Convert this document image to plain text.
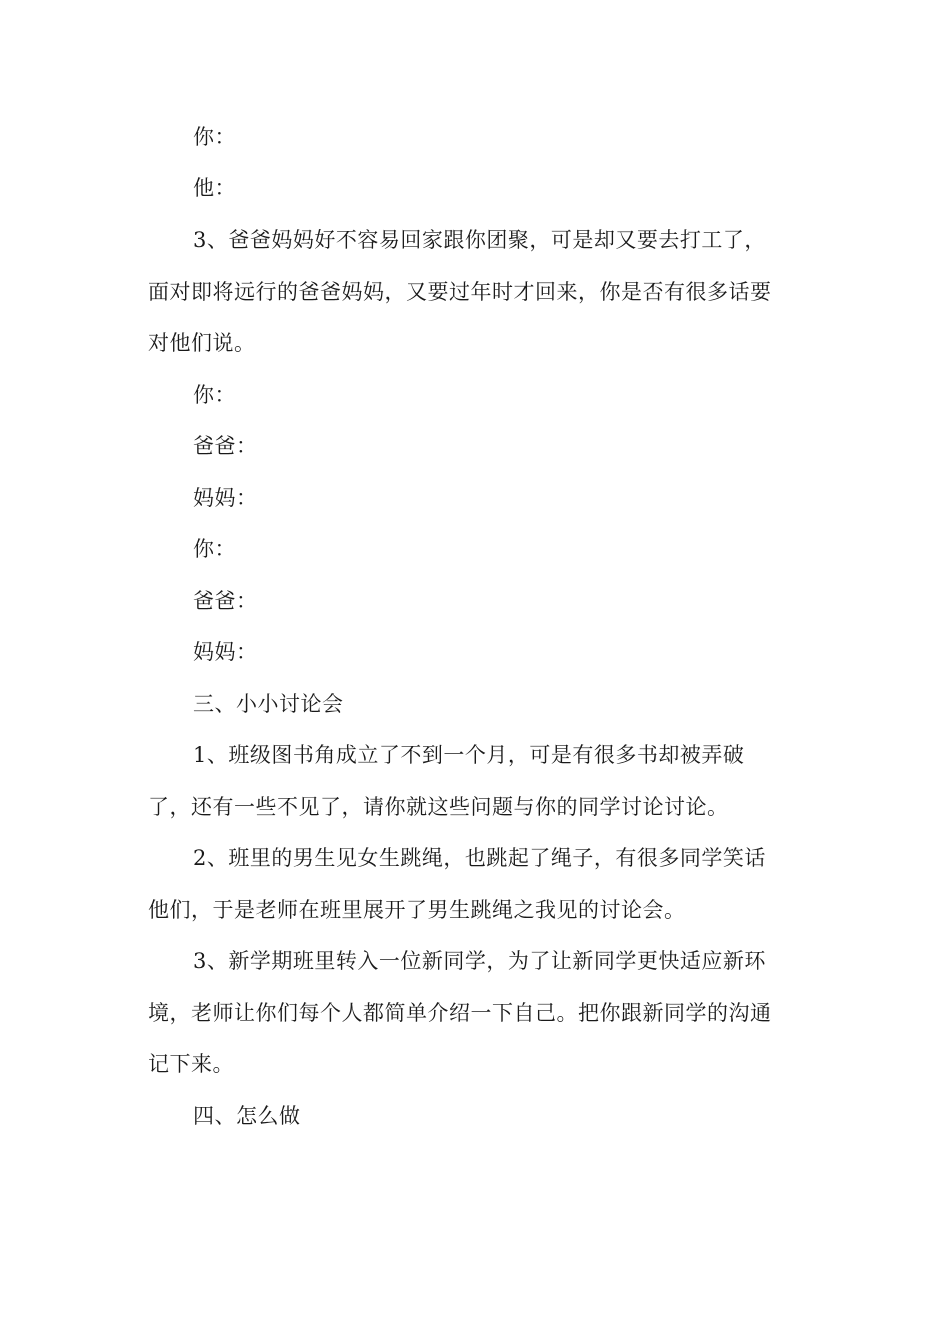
你：
他：
3、爸爸妈妈好不容易回家跟你团聚，可是却又要去打工了，
面对即将远行的爸爸妈妈，又要过年时才回来，你是否有很多话要
对他们说。
你：
爸爸：
妈妈：
你：
爸爸：
妈妈：
三、小小讨论会
1、班级图书角成立了不到一个月，可是有很多书却被弄破
了，还有一些不见了，请你就这些问题与你的同学讨论讨论。
2、班里的男生见女生跳绳，也跳起了绳子，有很多同学笑话
他们，于是老师在班里展开了男生跳绳之我见的讨论会。
3、新学期班里转入一位新同学，为了让新同学更快适应新环
境，老师让你们每个人都简单介绍一下自己。把你跟新同学的沟通
记下来。
四、怎么做
